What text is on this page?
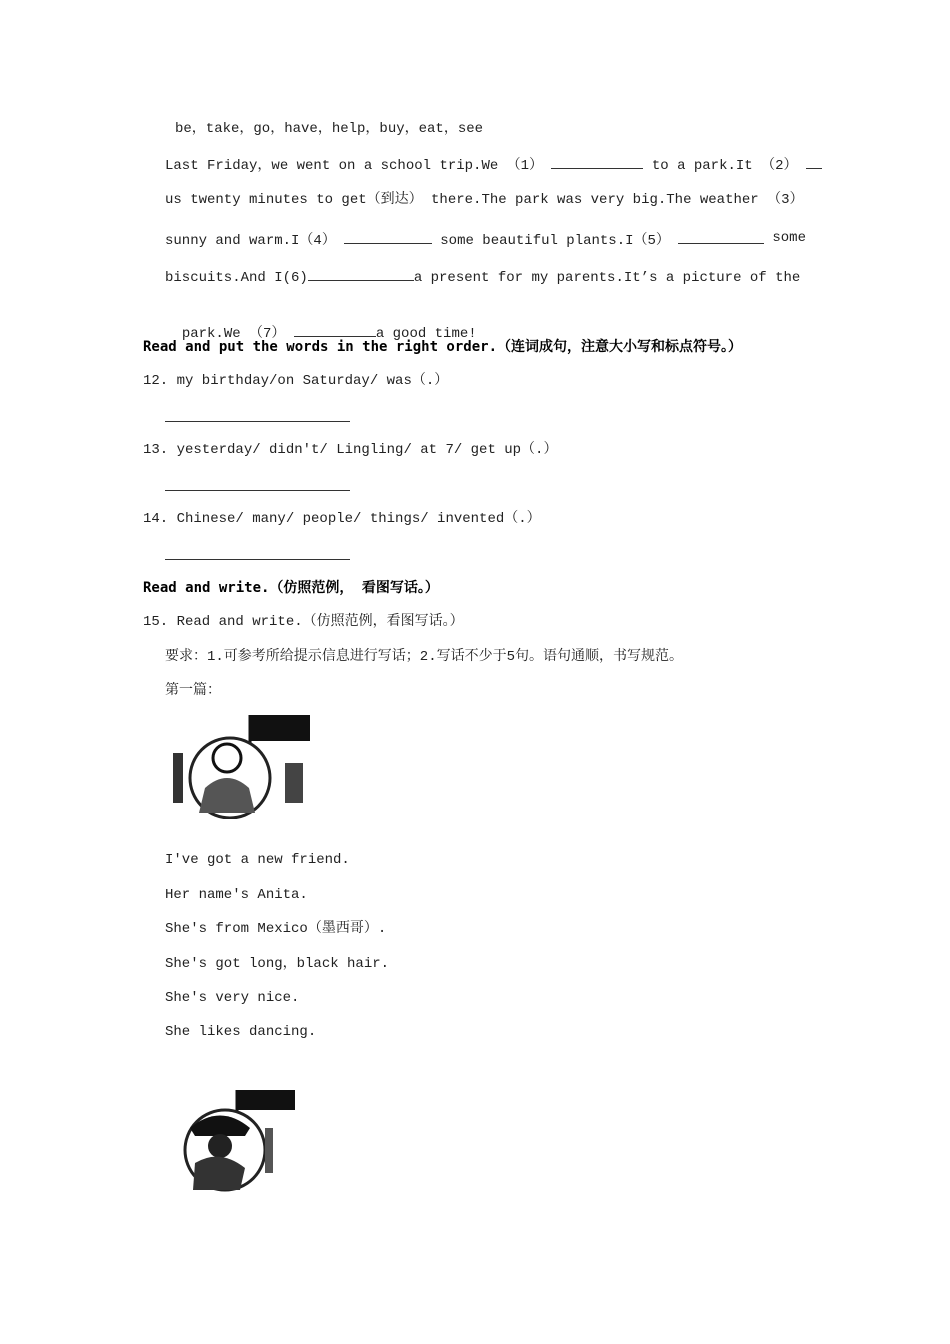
be，take，go，have，help，buy，eat，see
Last Friday，we went on a school trip.We （1）	to a park.It （2）
us twenty minutes to get（到达） there.The park was very big.The weather （3）
sunny and warm.I（4）	some beautiful plants.I（5）	some
biscuits.And I(6)	a present for my parents.It’s a picture of the

park.We （7）	a good time!

Read and put the words in the right order.（连词成句，注意大小写和标点符号。）
12. my birthday/on Saturday/ was（.）
13. yesterday/ didn't/ Lingling/ at 7/ get up（.）
14. Chinese/ many/ people/ things/ invented（.）
Read and write.（仿照范例， 看图写话。）
15. Read and write.（仿照范例，看图写话。）
要求：1.可参考所给提示信息进行写话；2.写话不少于5句。语句通顺，书写规范。
第一篇：
I've got a new friend.
Her name's Anita.
She's from Mexico（墨西哥）.
She's got long，black hair.
She's very nice.
She likes dancing.
